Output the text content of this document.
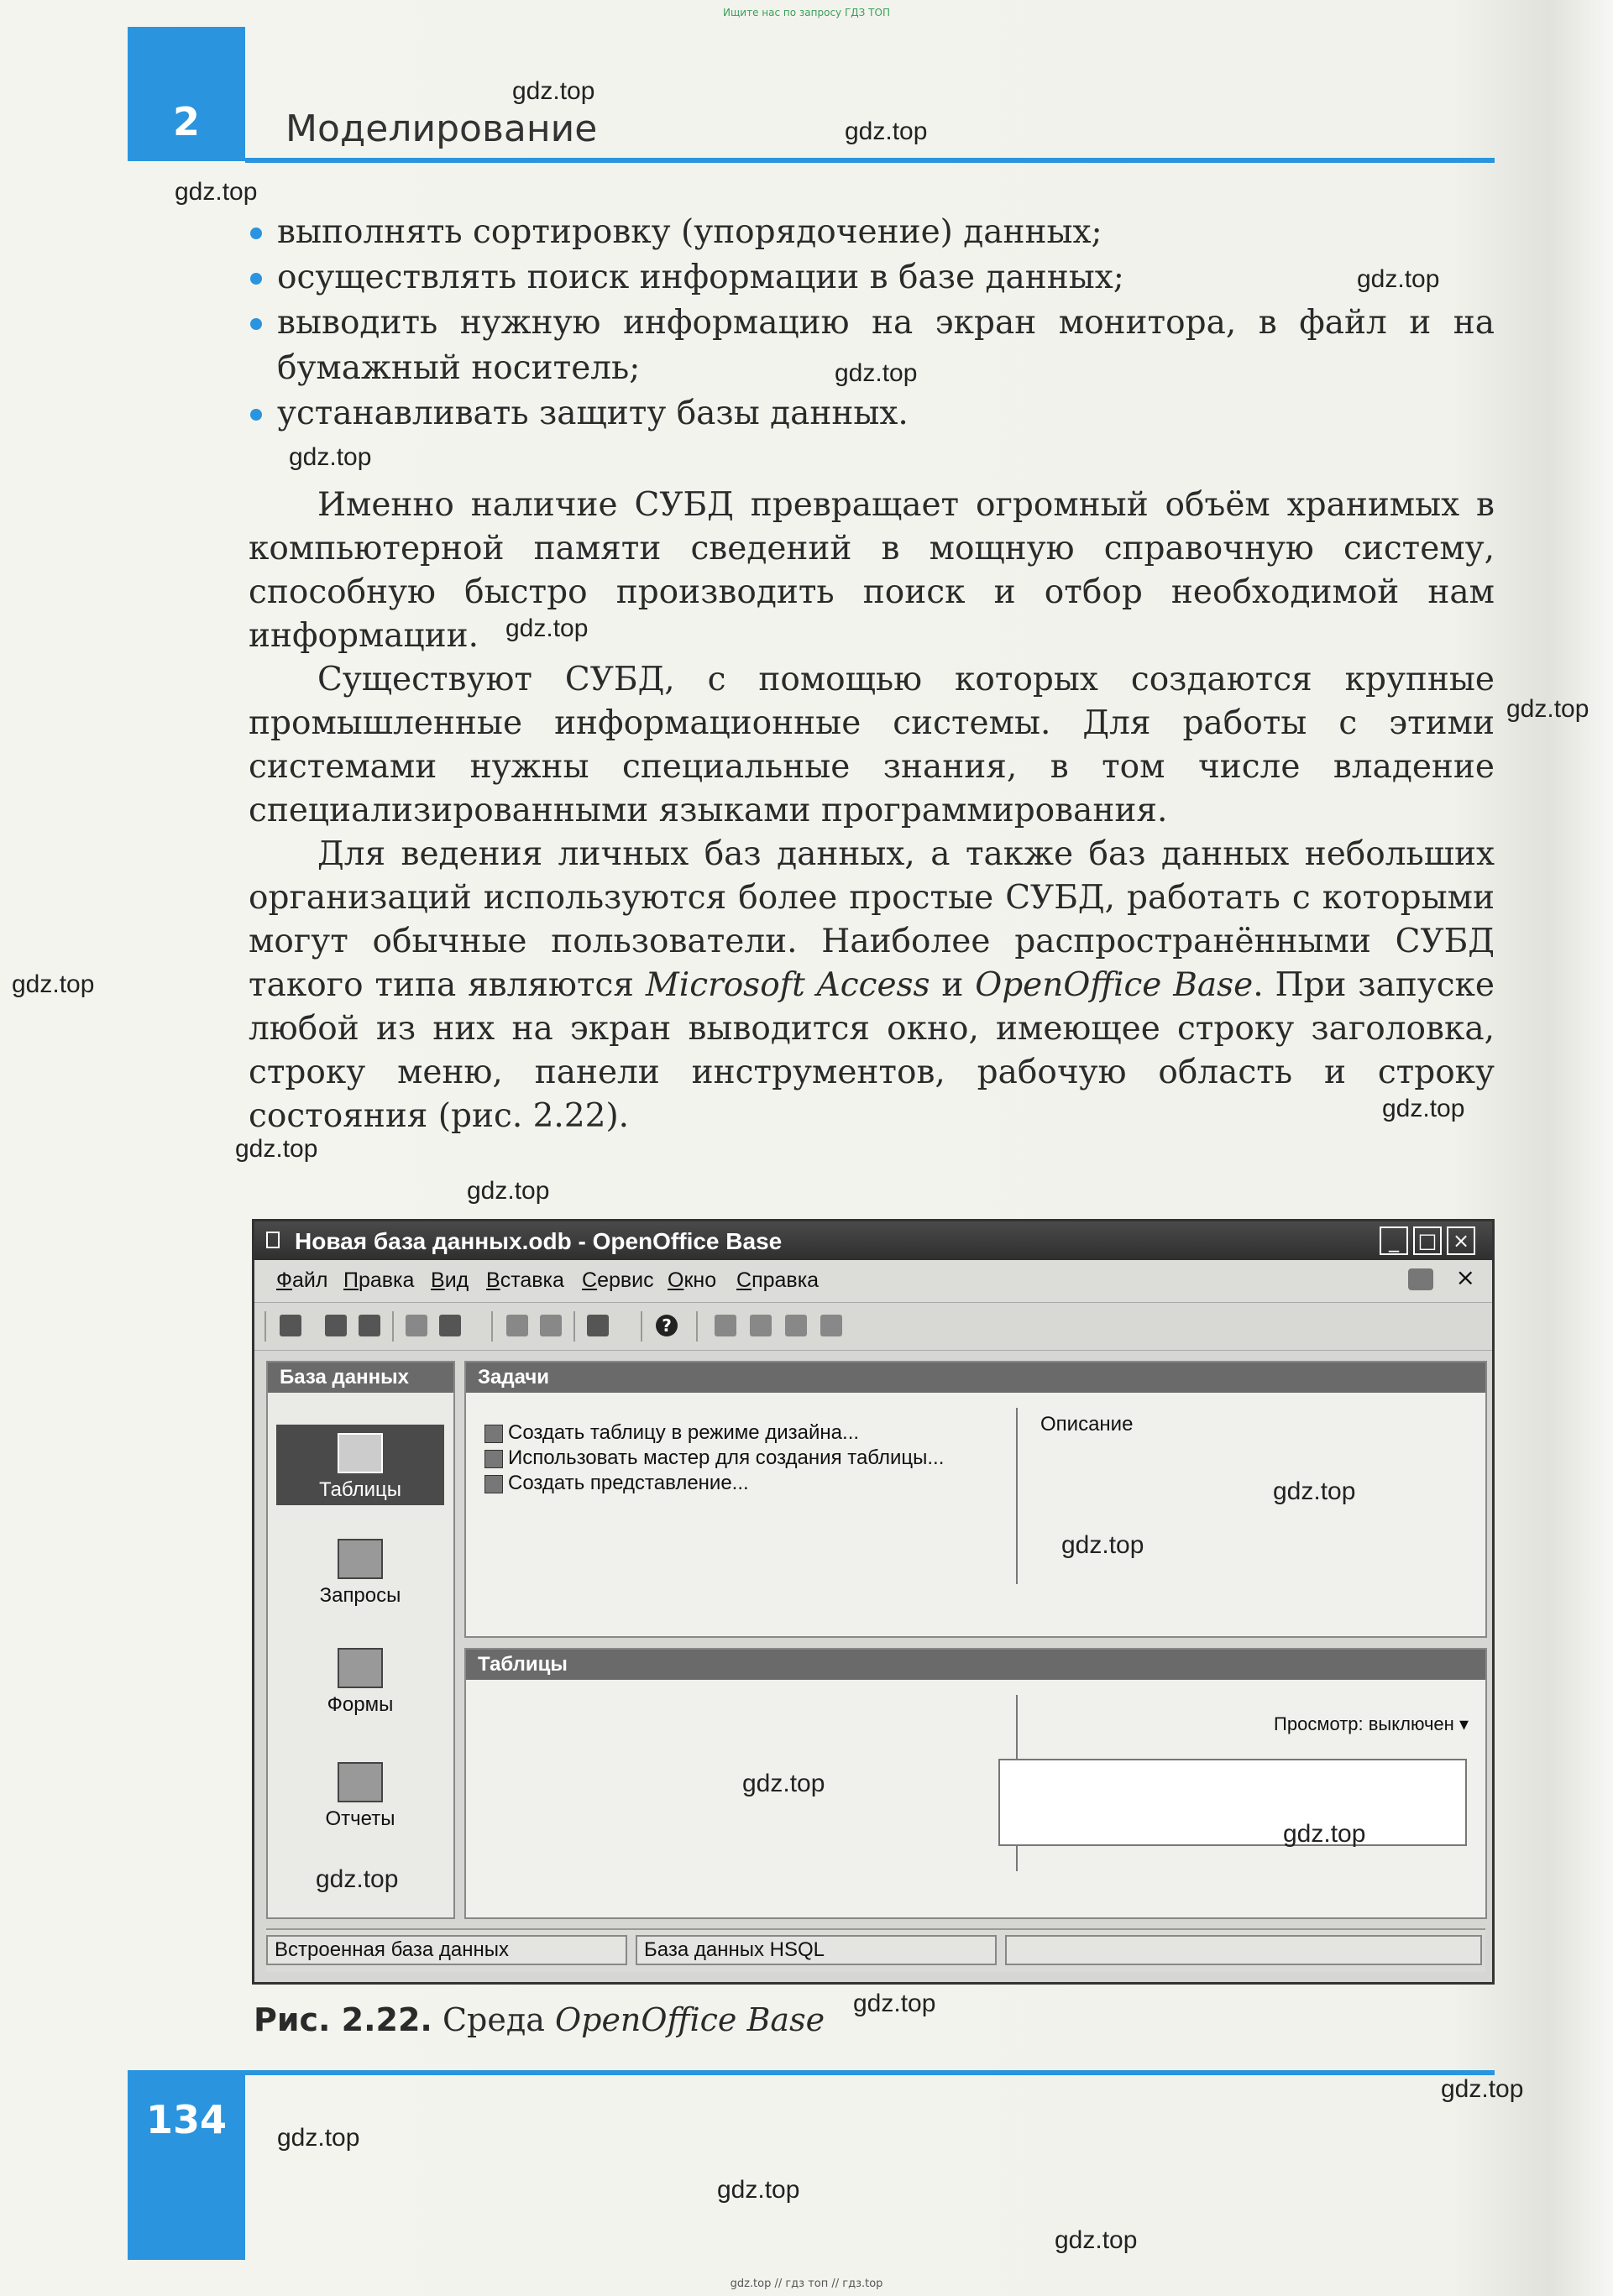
Ищите нас по запросу ГДЗ ТОП
2	Моделирование
выполнять сортировку (упорядочение) данных;
осуществлять поиск информации в базе данных;
выводить нужную информацию на экран монитора, в файл и на бумажный носитель;
устанавливать защиту базы данных.

Именно наличие СУБД превращает огромный объём хранимых в компьютерной памяти сведений в мощную справочную систему, способную быстро производить поиск и отбор необходимой нам информации.

Существуют СУБД, с помощью которых создаются крупные промышленные информационные системы. Для работы с этими системами нужны специальные знания, в том числе владение специализированными языками программирования.

Для ведения личных баз данных, а также баз данных небольших организаций используются более простые СУБД, работать с которыми могут обычные пользователи. Наиболее распространёнными СУБД такого типа являются Microsoft Access и OpenOffice Base. При запуске любой из них на экран выводится окно, имеющее строку заголовка, строку меню, панели инструментов, рабочую область и строку состояния (рис. 2.22).

Новая база данных.odb - OpenOffice Base	_ □ ×
Файл Правка Вид Вставка Сервис Окно Справка	×
?
База данных
Таблицы
Запросы
Формы
Отчеты
Задачи
Создать таблицу в режиме дизайна...
Использовать мастер для создания таблицы...
Создать представление...
Описание
Таблицы
Просмотр: выключен ▾
Встроенная база данных	База данных HSQL
Рис. 2.22. Среда OpenOffice Base
134
gdz.top
gdz.top
gdz.top
gdz.top
gdz.top
gdz.top
gdz.top
gdz.top
gdz.top
gdz.top
gdz.top
gdz.top
gdz.top
gdz.top
gdz.top
gdz.top
gdz.top
gdz.top
gdz.top
gdz.top
gdz.top
gdz.top
gdz.top // гдз топ // гдз.top
